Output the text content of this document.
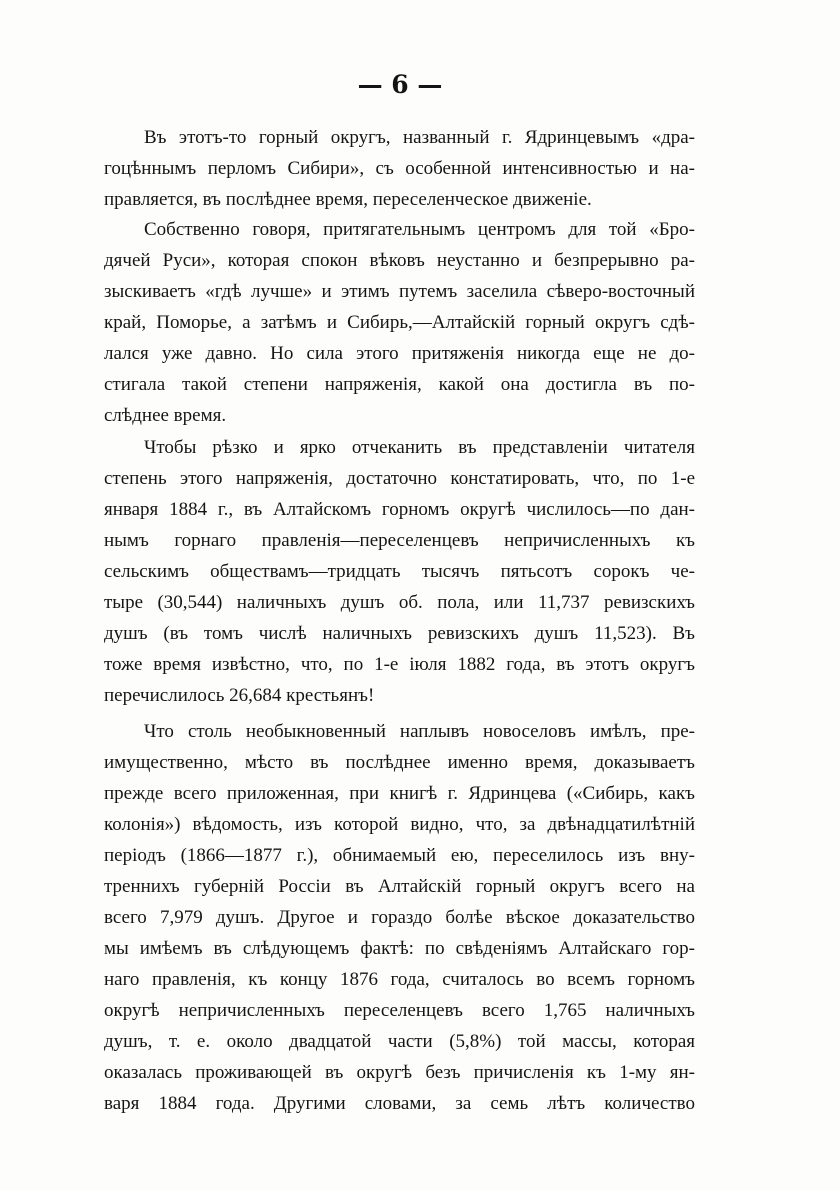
— 6 —
Въ этотъ-то горный округъ, названный г. Ядринцевымъ «дра-
гоцѣннымъ перломъ Сибири», съ особенной интенсивностью и на-
правляется, въ послѣднее время, переселенческое движенiе.
Собственно говоря, притягательнымъ центромъ для той «Бро-
дячей Руси», которая спокон вѣковъ неустанно и безпрерывно ра-
зыскиваетъ «гдѣ лучше» и этимъ путемъ заселила сѣверо-восточный
край, Поморье, а затѣмъ и Сибирь,—Алтайскiй горный округъ сдѣ-
лался уже давно. Но сила этого притяженiя никогда еще не до-
стигала такой степени напряженiя, какой она достигла въ по-
слѣднее время.
Чтобы рѣзко и ярко отчеканить въ представленiи читателя
степень этого напряженiя, достаточно констатировать, что, по 1-е
января 1884 г., въ Алтайскомъ горномъ округѣ числилось—по дан-
нымъ горнаго правленiя—переселенцевъ непричисленныхъ къ
сельскимъ обществамъ—тридцать тысячъ пятьсотъ сорокъ че-
тыре (30,544) наличныхъ душъ об. пола, или 11,737 ревизскихъ
душъ (въ томъ числѣ наличныхъ ревизскихъ душъ 11,523). Въ
тоже время извѣстно, что, по 1-е iюля 1882 года, въ этотъ округъ
перечислилось 26,684 крестьянъ!
Что столь необыкновенный наплывъ новоселовъ имѣлъ, пре-
имущественно, мѣсто въ послѣднее именно время, доказываетъ
прежде всего приложенная, при книгѣ г. Ядринцева («Сибирь, какъ
колонiя») вѣдомость, изъ которой видно, что, за двѣнадцатилѣтнiй
перiодъ (1866—1877 г.), обнимаемый ею, переселилось изъ вну-
треннихъ губернiй Россiи въ Алтайскiй горный округъ всего на
всего 7,979 душъ. Другое и гораздо болѣе вѣское доказательство
мы имѣемъ въ слѣдующемъ фактѣ: по свѣденiямъ Алтайскаго гор-
наго правленiя, къ концу 1876 года, считалось во всемъ горномъ
округѣ непричисленныхъ переселенцевъ всего 1,765 наличныхъ
душъ, т. е. около двадцатой части (5,8%) той массы, которая
оказалась проживающей въ округѣ безъ причисленiя къ 1-му ян-
варя 1884 года. Другими словами, за семь лѣтъ количество
